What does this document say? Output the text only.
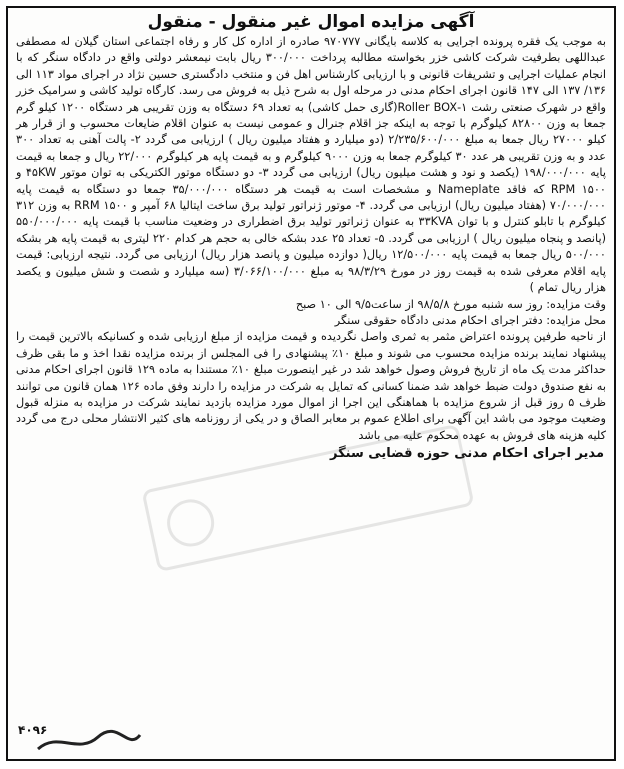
آگهی مزایده اموال غیر منقول - منقول

به موجب یک فقره پرونده اجرایی به کلاسه بایگانی ۹۷۰۷۷۷ صادره از اداره کل کار و رفاه اجتماعی استان گیلان له مصطفی عبداللهی بطرفیت شرکت کاشی خزر بخواسته مطالبه پرداخت ۳۰۰/۰۰۰ ریال بابت نیمعشر دولتی واقع در دادگاه سنگر که با انجام عملیات اجرایی و تشریفات قانونی و با ارزیابی کارشناس اهل فن و منتخب دادگستری حسین نژاد در اجرای مواد ۱۱۳ الی ۱۳۶/ ۱۳۷ الی ۱۴۷ قانون اجرای احکام مدنی در مرحله اول به شرح ذیل به فروش می رسد. کارگاه تولید کاشی و سرامیک خزر واقع در شهرک صنعتی رشت ۱-Roller BOX(گاری حمل کاشی) به تعداد ۶۹ دستگاه به وزن تقریبی هر دستگاه ۱۲۰۰ کیلو گرم جمعا به وزن ۸۲۸۰۰ کیلوگرم با توجه به اینکه جز اقلام جنرال و عمومی نیست به عنوان اقلام ضایعات محسوب و از قرار هر کیلو ۲۷۰۰۰ ریال جمعا به مبلغ ۲/۲۳۵/۶۰۰/۰۰۰ (دو میلیارد و هفتاد میلیون ریال ) ارزیابی می گردد ۲- پالت آهنی به تعداد ۳۰۰ عدد و به وزن تقریبی هر عدد ۳۰ کیلوگرم جمعا به وزن ۹۰۰۰ کیلوگرم و به قیمت پایه هر کیلوگرم ۲۲/۰۰۰ ریال و جمعا به قیمت پایه ۱۹۸/۰۰۰/۰۰۰ (یکصد و نود و هشت میلیون ریال) ارزیابی می گردد ۳- دو دستگاه موتور الکتریکی به توان موتور ۴۵KW و ۱۵۰۰ RPM که فاقد Nameplate و مشخصات است به قیمت هر دستگاه ۳۵/۰۰۰/۰۰۰ جمعا دو دستگاه به قیمت پایه ۷۰/۰۰۰/۰۰۰ (هفتاد میلیون ریال) ارزیابی می گردد. ۴- موتور ژنراتور تولید برق ساخت ایتالیا ۶۸ آمپر و ۱۵۰۰ RRM به وزن ۳۱۲ کیلوگرم با تابلو کنترل و با توان ۳۳KVA به عنوان ژنراتور تولید برق اضطراری در وضعیت مناسب با قیمت پایه ۵۵۰/۰۰۰/۰۰۰ (پانصد و پنجاه میلیون ریال ) ارزیابی می گردد. ۵- تعداد ۲۵ عدد بشکه خالی به حجم هر کدام ۲۲۰ لیتری به قیمت پایه هر بشکه ۵۰۰/۰۰۰ ریال جمعا به قیمت پایه ۱۲/۵۰۰/۰۰۰ ریال( دوازده میلیون و پانصد هزار ریال) ارزیابی می گردد. نتیجه ارزیابی: قیمت پایه اقلام معرفی شده به قیمت روز در مورخ ۹۸/۳/۲۹ به مبلغ ۳/۰۶۶/۱۰۰/۰۰۰ (سه میلیارد و شصت و شش میلیون و یکصد هزار ریال تمام )

وقت مزایده: روز سه شنبه مورخ ۹۸/۵/۸ از ساعت۹/۵ الی ۱۰ صبح

محل مزایده: دفتر اجرای احکام مدنی دادگاه حقوقی سنگر

از ناحیه طرفین پرونده اعتراض مثمر به ثمری واصل نگردیده و قیمت مزایده از مبلغ ارزیابی شده و کسانیکه بالاترین قیمت را پیشنهاد نمایند برنده مزایده محسوب می شوند و مبلغ ۱۰٪ پیشنهادی را فی المجلس از برنده مزایده نقدا اخذ و ما بقی ظرف حداکثر مدت یک ماه از تاریخ فروش وصول خواهد شد در غیر اینصورت مبلغ ۱۰٪ مستندا به ماده ۱۲۹ قانون اجرای احکام مدنی به نفع صندوق دولت ضبط خواهد شد ضمنا کسانی که تمایل به شرکت در مزایده را دارند وفق ماده ۱۲۶ همان قانون می توانند ظرف ۵ روز قبل از شروع مزایده با هماهنگی این اجرا از اموال مورد مزایده بازدید نمایند شرکت در مزایده به منزله قبول وضعیت موجود می باشد این آگهی برای اطلاع عموم بر معابر الصاق و در یکی از روزنامه های کثیر الانتشار محلی درج می گردد کلیه هزینه های فروش به عهده محکوم علیه می باشد

مدیر اجرای احکام مدنی حوزه قضایی سنگر
۴۰۹۶
